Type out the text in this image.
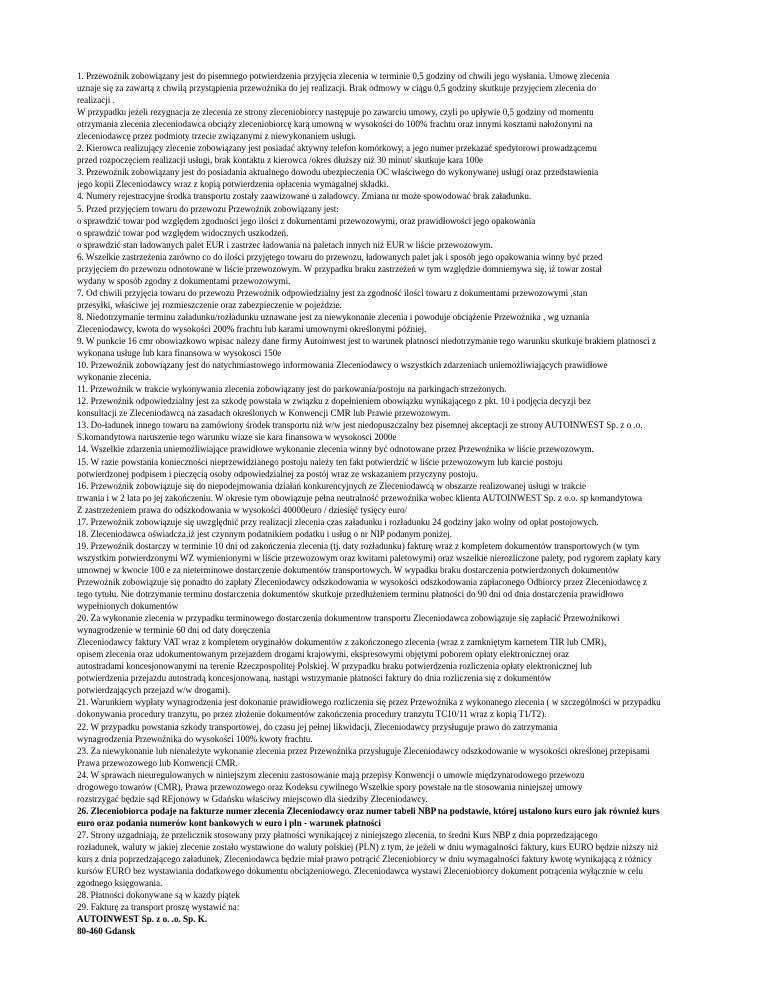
1. Przewoźnik zobowiązany jest do pisemnego potwierdzenia przyjęcia zlecenia w terminie 0,5 godziny od chwili jego wysłania. Umowę zlecenia
uznaje się za zawartą z chwilą przystąpienia przewoźnika do jej realizacji. Brak odmowy w ciągu 0,5 godziny skutkuje przyjęciem zlecenia do
realizacji .
W przypadku jeżeli rezygnacja ze zlecenia ze strony zleceniobiorcy następuje po zawarciu umowy, czyli po upływie 0,5 godziny od momentu
otrzymania zlecenia zleceniodawca obciąży zleceniobiorcę karą umowną w wysokości do 100% frachtu oraz innymi kosztami nałożonymi na
zleceniodawcę przez podmioty trzecie związanymi z niewykonaniem usługi.
2. Kierowca realizujący zlecenie zobowiązany jest posiadać aktywny telefon komórkowy, a jego numer przekazać spedytorowi prowadzącemu
przed rozpoczęciem realizacji usługi, brak kontaktu z kierowca /okres dłuższy niż 30 minut/ skutkuje kara 100e
3. Przewoźnik zobowiązany jest do posiadania aktualnego dowodu ubezpieczenia OC właściwego do wykonywanej usługi oraz przedstawienia
jego kopii Zleceniodawcy wraz z kopią potwierdzenia opłacenia wymagalnej składki.
4. Numery rejestracyjne środka transportu zostały zaawizowane u załadowcy. Zmiana nr może spowodować brak załadunku.
5. Przed przyjęciem towaru do przewozu Przewoźnik zobowiązany jest:
o sprawdzić towar pod względem zgodności jego ilości z dokumentami przewozowymi, oraz prawidłowości jego opakowania
o sprawdzić towar pod względem widocznych uszkodzeń.
o sprawdzić stan ładowanych palet EUR i zastrzec ładowania na paletach innych niż EUR w liście przewozowym.
6. Wszelkie zastrzeżenia zarówno co do ilości przyjętego towaru do przewozu, ładowanych palet jak i sposób jego opakowania winny być przed
przyjęciem do przewozu odnotowane w liście przewozowym. W przypadku braku zastrzeżeń w tym względzie domniemywa się, iż towar został
wydany w sposób zgodny z dokumentami przewozowymi.
7. Od chwili przyjęcia towaru do przewozu Przewoźnik odpowiedzialny jest za zgodność ilości towaru z dokumentami przewozowymi ,stan
przesyłki, właściwe jej rozmieszczenie oraz zabezpieczenie w pojeździe.
8. Niedotrzymanie terminu załadunku/rozładunku uznawane jest za niewykonanie zlecenia i powoduje obciążenie Przewoźnika , wg uznania
Zleceniodawcy, kwota do wysokości 200% frachtu lub karami umownymi określonymi później.
9. W punkcie 16 cmr obowiazkowo wpisac nalezy dane firmy Autoinwest jest to warunek platnosci niedotrzymanie tego warunku skutkuje brakiem platnosci z
wykonana usługe lub kara finansowa w wysokosci 150e
10. Przewoźnik zobowiązany jest do natychmiastowego informowania Zleceniodawcy o wszystkich zdarzeniach uniemożliwiających prawidłowe
wykonanie zlecenia.
11. Przewoźnik w trakcie wykonywania zlecenia zobowiązany jest do parkowania/postoju na parkingach strzeżonych.
12. Przewoźnik odpowiedzialny jest za szkodę powstała w związku z dopełnieniem obowiązku wynikającego z pkt. 10 i podjęcia decyzji bez
konsultacji ze Zleceniodawcą na zasadach określonych w Konwencji CMR lub Prawie przewozowym.
13. Do-ładunek innego towaru na zamówiony środek transportu niż w/w jest niedopuszczalny bez pisemnej akceptacji ze strony AUTOINWEST Sp. z o .o.
S.komandytowa naruszenie tego warunku wiaze sie kara finansowa w wysokosci 2000e
14. Wszelkie zdarzenia uniemożliwiające prawidłowe wykonanie zlecenia winny być odnotowane przez Przewoźnika w liście przewozowym.
15. W razie powstania konieczności nieprzewidzianego postoju należy ten fakt potwierdzić w liście przewozowym lub karcie postoju
potwierdzonej podpisem i pieczęcią osoby odpowiedzialnej za postój wraz ze wskazaniem przyczyny postoju.
16. Przewoźnik zobowiązuje się do niepodejmowania działań konkurencyjnych ze Zleceniodawcą w obszarze realizowanej usługi w trakcie
trwania i w 2 lata po jej zakończeniu. W okresie tym obowiązuje pełna neutralność przewoźnika wobec klienta AUTOINWEST Sp. z o.o. sp komandytowa
Z zastrzeżeniem prawa do odszkodowania w wysokości 40000euro / dziesięć tysięcy euro/
17. Przewoźnik zobowiązuje się uwzględnić przy realizacji zlecenia czas załadunku i rozładunku 24 godziny jako wolny od opłat postojowych.
18. Zleceniodawca oświadcza,iż jest czynnym podatnikiem podatku i usług o nr NIP podanym poniżej.
19. Przewoźnik dostarczy w terminie 10 dni od zakończenia zlecenia (tj. daty rozładunku) fakturę wraz z kompletem dokumentów transportowych (w tym
wszystkim potwierdzonymi WZ wymienionymi w liście przewozowym oraz kwitami paletowymi) oraz wszelkie nierozliczone palety, pod rygorem zapłaty kary
umownej w kwocie 100 e za nieterminowe dostarczenie dokumentów transportowych. W wypadku braku dostarczenia potwierdzonych dokumentów
Przewoźnik zobowiązuje się ponadto do zapłaty Zleceniodawcy odszkodowania w wysokości odszkodowania zapłaconego Odbiorcy przez Zleceniodawcę z
tego tytułu. Nie dotrzymanie terminu dostarczenia dokumentów skutkuje przedłużeniem terminu płatności do 90 dni od dnia dostarczenia prawidłowo
wypełnionych dokumentów
20. Za wykonanie zlecenia w przypadku terminowego dostarczenia dokumentow transportu Zleceniodawca zobowiązuje się zapłacić Przewoźnikowi
wynagrodzenie w terminie 60 dni od daty doręczenia
Zleceniodawcy faktury VAT wraz z kompletem oryginałów dokumentów z zakończonego zlecenia (wraz z zamkniętym karnetem TIR lub CMR),
opisem zlecenia oraz udokumentowanym przejazdem drogami krajowymi, ekspresowymi objętymi poborem opłaty elektronicznej oraz
autostradami koncesjonowanymi na terenie Rzeczpospolitej Polskiej. W przypadku braku potwierdzenia rozliczenia opłaty elektronicznej lub
potwierdzenia przejazdu autostradą koncesjonowaną, nastąpi wstrzymanie płatności faktury do dnia rozliczenia się z dokumentów
potwierdzających przejazd w/w drogami).
21. Warunkiem wypłaty wynagrodzenia jest dokonanie prawidłowego rozliczenia się przez Przewoźnika z wykonanego zlecenia ( w szczególności w przypadku
dokonywania procedury tranzytu, po przez złożenie dokumentów zakończenia procedury tranzytu TC10/11 wraz z kopią T1/T2).
22. W przypadku powstania szkody transportowej, do czasu jej pełnej likwidacji, Zleceniodawcy przysługuje prawo do zatrzymania
wynagrodzenia Przewoźnika do wysokości 100% kwoty frachtu.
23. Za niewykonanie lub nienależyte wykonanie zlecenia przez Przewoźnika przysługuje Zleceniodawcy odszkodowanie w wysokości określonej przepisami
Prawa przewozowego lub Konwencji CMR.
24. W sprawach nieuregulowanych w niniejszym zleceniu zastosowanie mają przepisy Konwencji o umowie międzynarodowego przewozu
drogowego towarów (CMR), Prawa przewozowego oraz Kodeksu cywilnego Wszelkie spory powstałe na tle stosowania niniejszej umowy
rozstrzygać będzie sąd REjonowy w Gdańsku właściwy miejscowo dla siedziby Zleceniodawcy.
26. Zleceniobiorca podaje na fakturze numer zlecenia Zleceniodawcy oraz numer tabeli NBP na podstawie, której ustalono kurs euro jak również kurs
euro oraz podania numerów kont bankowych w euro i pln - warunek płatności
27. Strony uzgadniają, że przelicznik stosowany przy płatności wynikającej z niniejszego zlecenia, to średni Kurs NBP z dnia poprzedzającego
rozładunek, waluty w jakiej zlecenie zostało wystawione do waluty polskiej (PLN) z tym, że jeżeli w dniu wymagalności faktury, kurs EURO będzie niższy niż
kurs z dnia poprzedzającego załadunek, Zleceniodawca będzie miał prawo potrącić Zleceniobiorcy w dniu wymagalności faktury kwotę wynikającą z różnicy
kursów EURO bez wystawiania dodatkowego dokumentu obciążeniowego. Zleceniodawca wystawi Zleceniobiorcy dokument potrącenia wyłącznie w celu
zgodnego księgowania.
28. Płatności dokonywane są w kazdy piątek
29. Fakturę za transport proszę wystawić na:
AUTOINWEST Sp. z o. .o. Sp. K.
80-460 Gdansk
